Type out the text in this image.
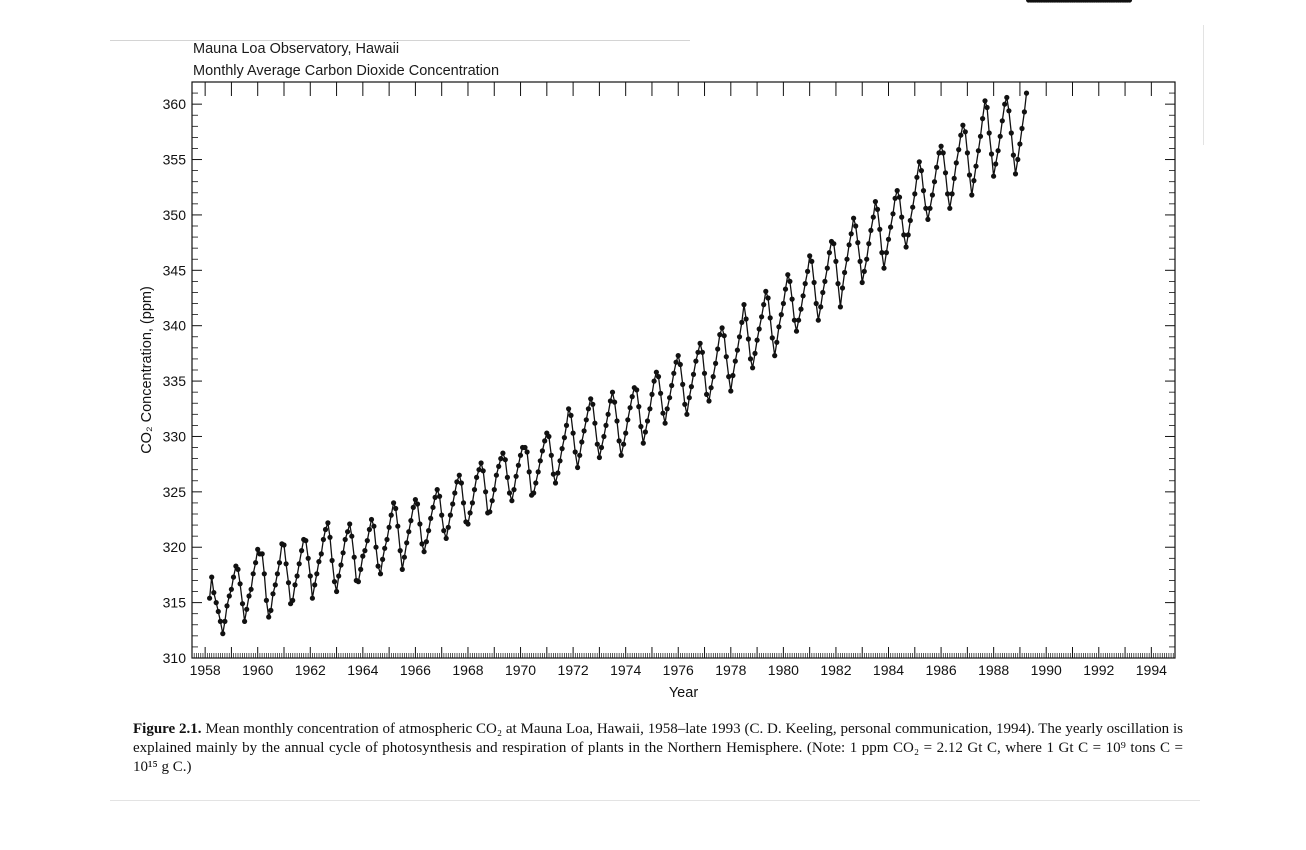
Mauna Loa Observatory, Hawaii
Monthly Average Carbon Dioxide Concentration
1958 1960 1962 1964 1966 1968 1970 1972 1974 1976 1978 1980 1982 1984 1986 1988 1990 1992 1994
310
315
320
325
330
335
340
345
350
355
360
Year
CO₂ Concentration, (ppm)
Figure 2.1. Mean monthly concentration of atmospheric CO₂ at Mauna Loa, Hawaii, 1958–late 1993 (C. D. Keeling, personal communication, 1994). The yearly oscillation is explained mainly by the annual cycle of photosynthesis and respiration of plants in the Northern Hemisphere. (Note: 1 ppm CO₂ = 2.12 Gt C, where 1 Gt C = 10⁹ tons C = 10¹⁵ g C.)
